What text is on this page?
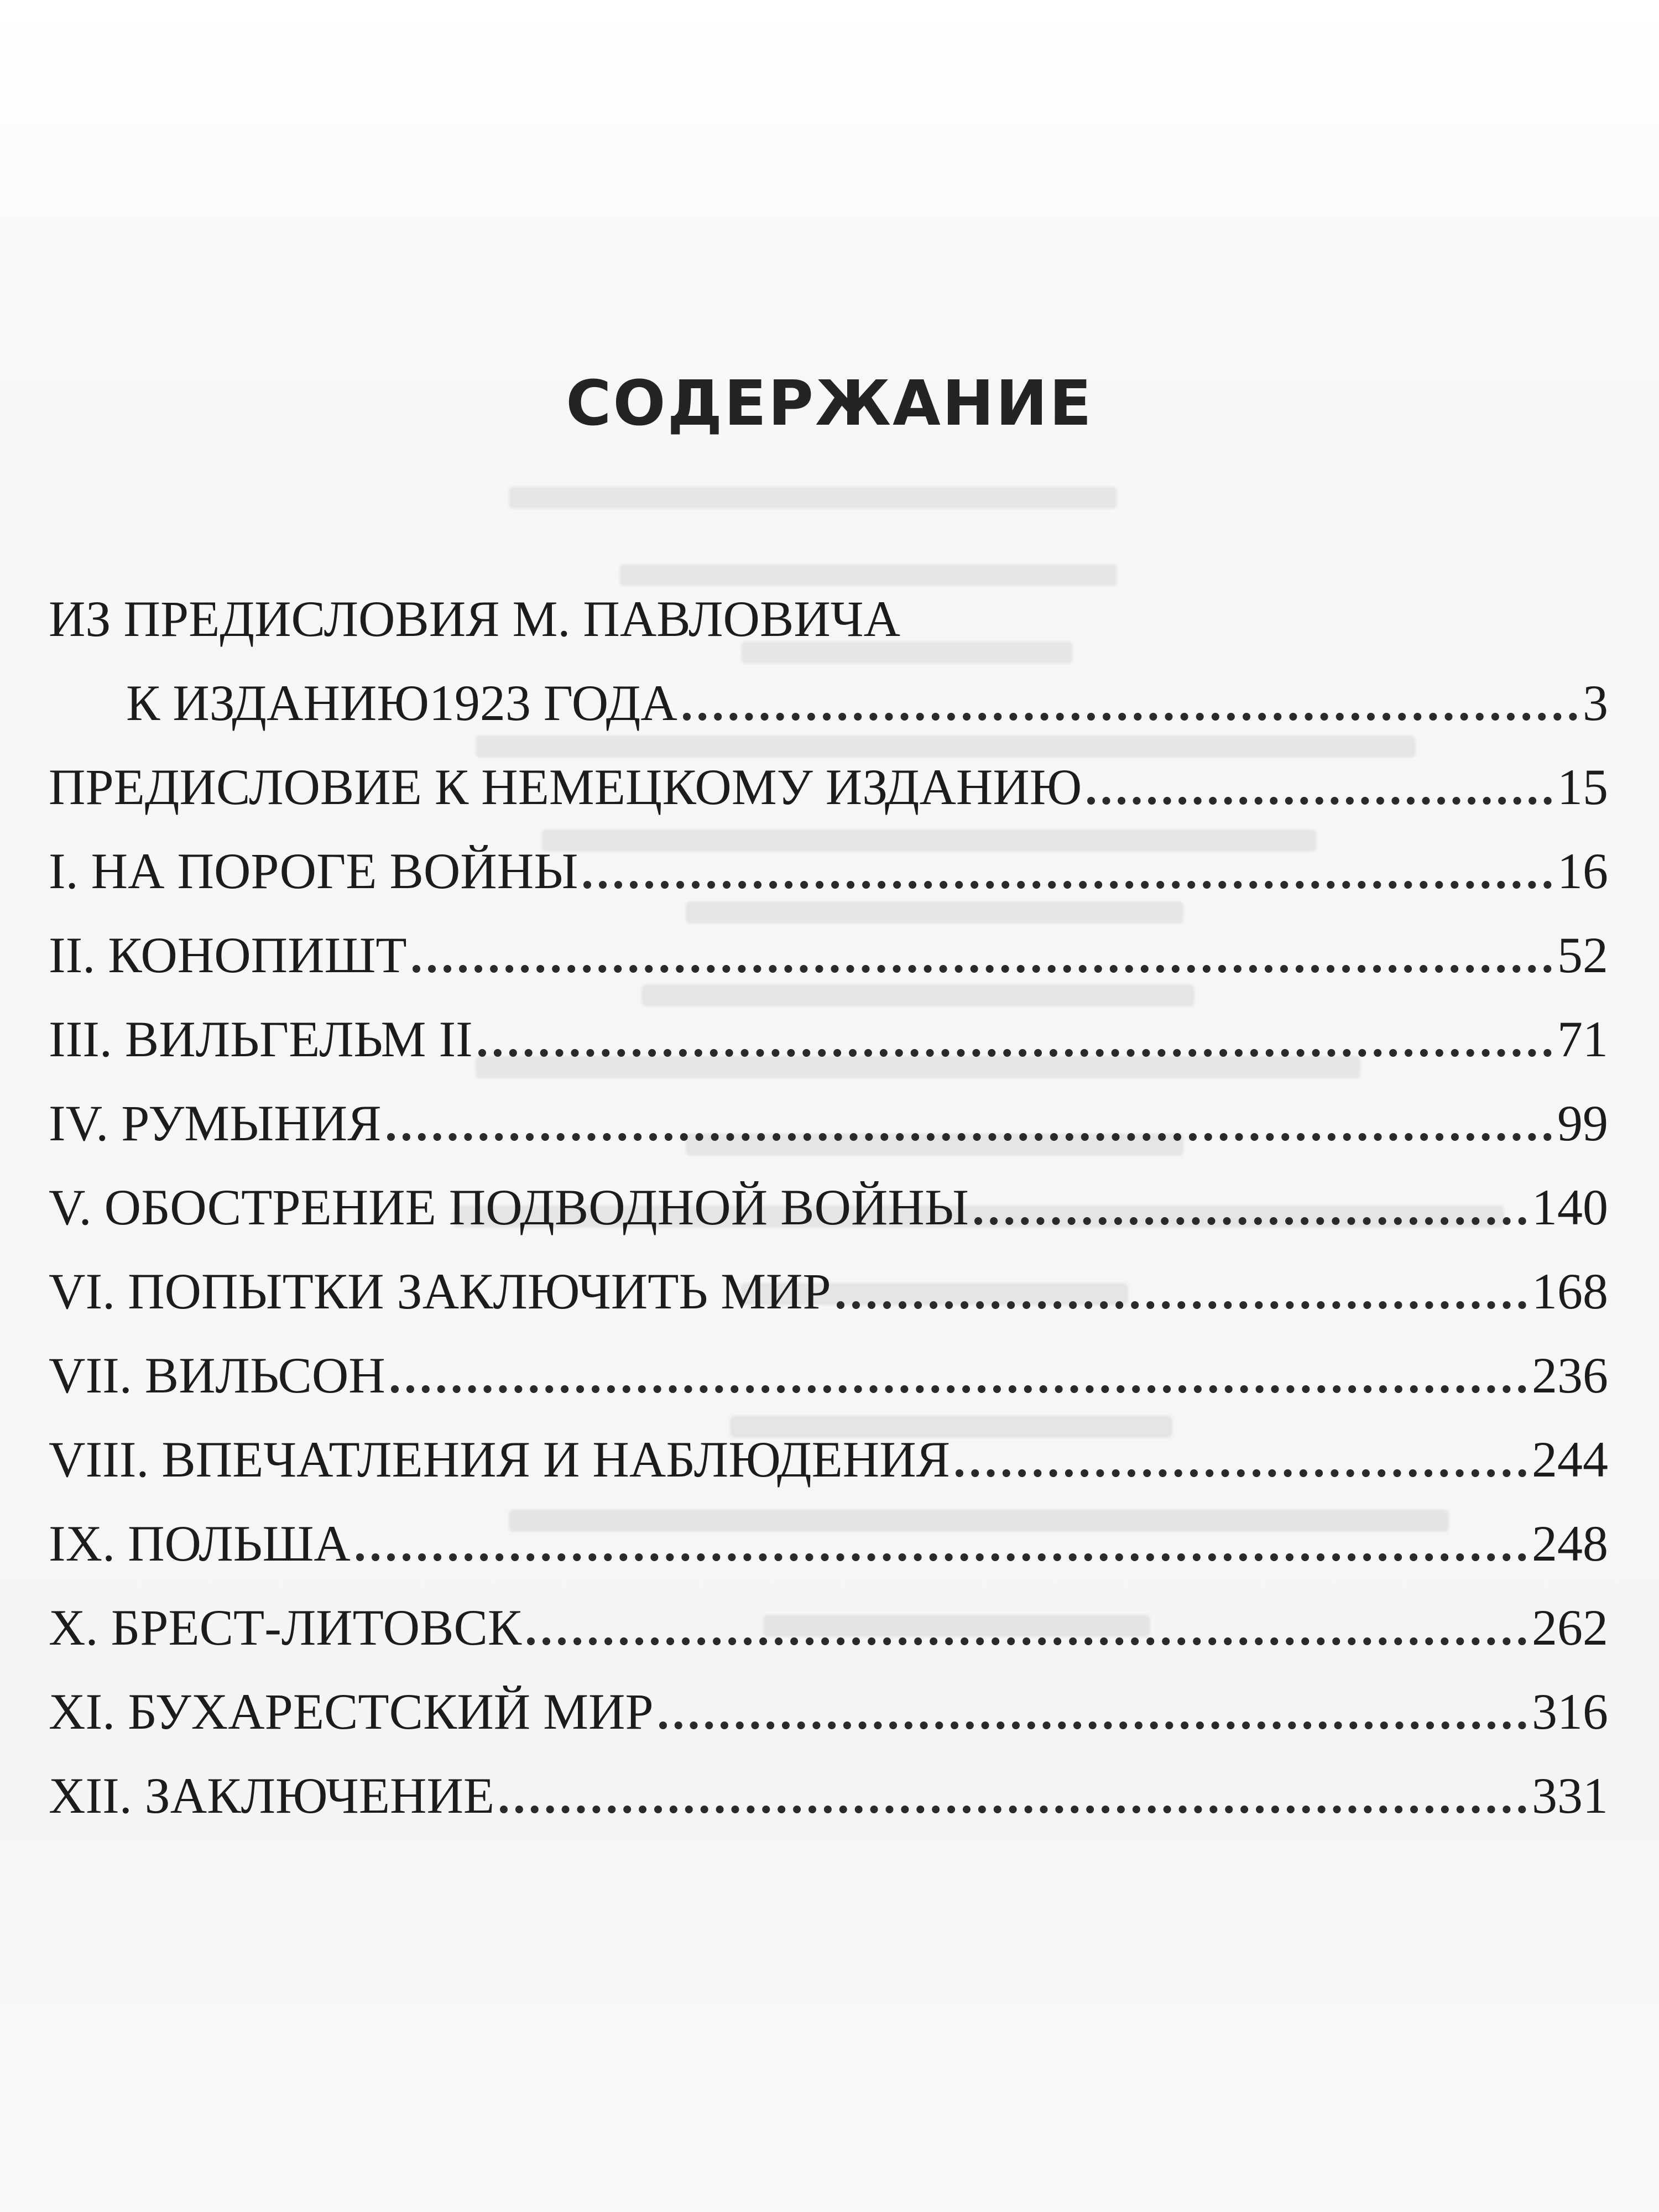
СОДЕРЖАНИЕ
ИЗ ПРЕДИСЛОВИЯ М. ПАВЛОВИЧА
К ИЗДАНИЮ1923 ГОДА	3
ПРЕДИСЛОВИЕ К НЕМЕЦКОМУ ИЗДАНИЮ	15
I. НА ПОРОГЕ ВОЙНЫ	16
II. КОНОПИШТ	52
III. ВИЛЬГЕЛЬМ II	71
IV. РУМЫНИЯ	99
V. ОБОСТРЕНИЕ ПОДВОДНОЙ ВОЙНЫ	140
VI. ПОПЫТКИ ЗАКЛЮЧИТЬ МИР	168
VII. ВИЛЬСОН	236
VIII. ВПЕЧАТЛЕНИЯ И НАБЛЮДЕНИЯ	244
IX. ПОЛЬША	248
X. БРЕСТ-ЛИТОВСК	262
XI. БУХАРЕСТСКИЙ МИР	316
XII. ЗАКЛЮЧЕНИЕ	331
